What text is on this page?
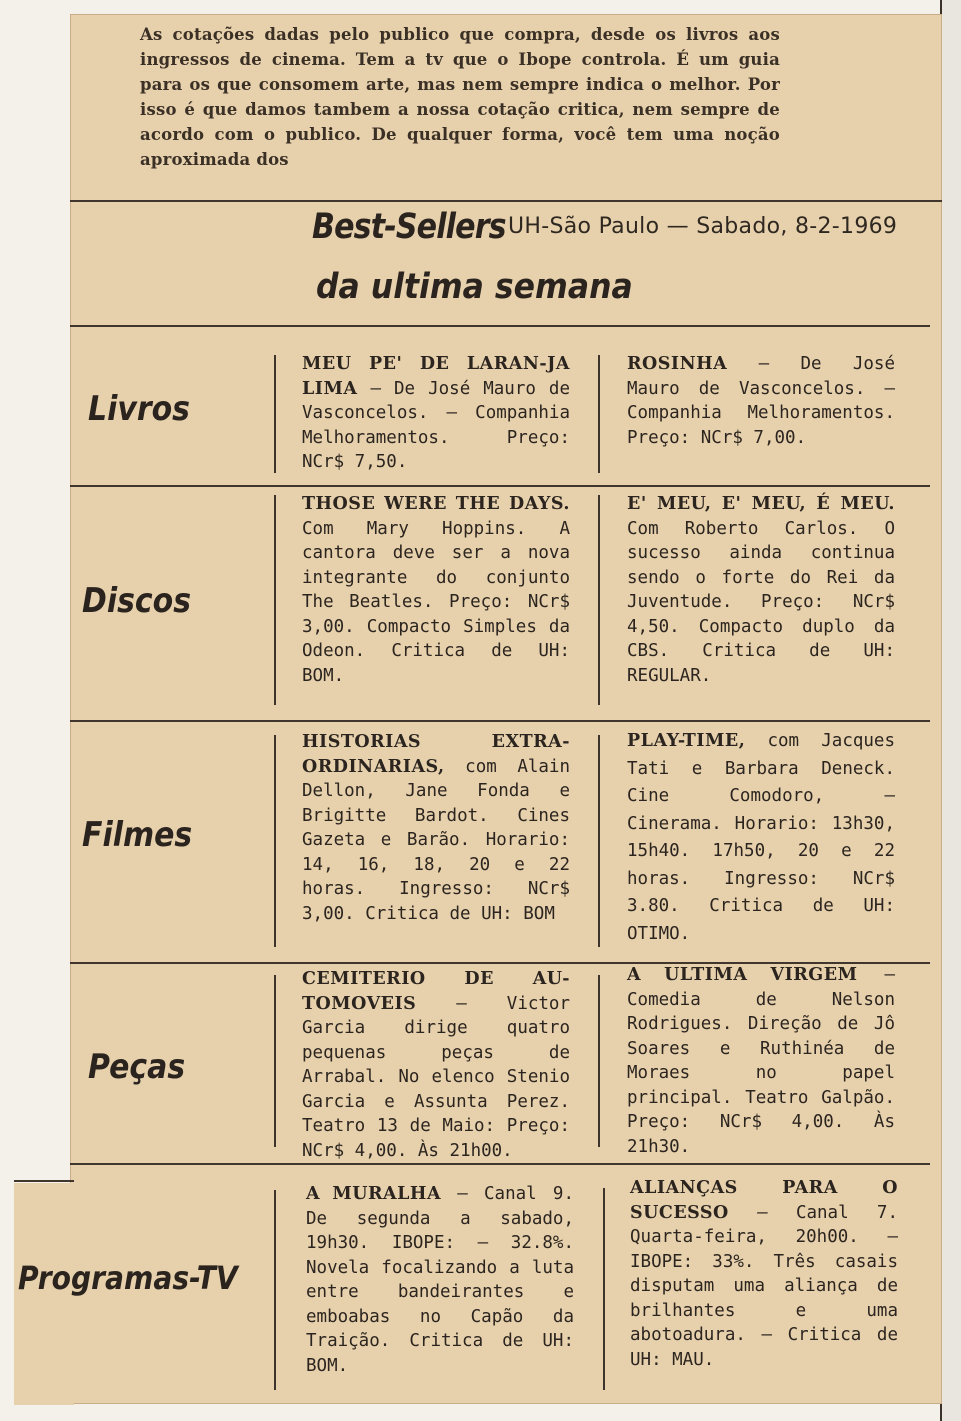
As cotações dadas pelo publico que compra, desde os livros aos ingressos de cinema. Tem a tv que o Ibope controla. É um guia para os que consomem arte, mas nem sempre indica o melhor. Por isso é que damos tambem a nossa cotação critica, nem sempre de acordo com o publico. De qualquer forma, você tem uma noção aproximada dos
Best-Sellers UH-São Paulo — Sabado, 8-2-1969
da ultima semana
Livros
MEU PE' DE LARAN-JA LIMA — De José Mauro de Vasconcelos. — Companhia Melhoramentos. Preço: NCr$ 7,50.
ROSINHA — De José Mauro de Vasconcelos. — Companhia Melhoramentos. Preço: NCr$ 7,00.
Discos
THOSE WERE THE DAYS. Com Mary Hoppins. A cantora deve ser a nova integrante do conjunto The Beatles. Preço: NCr$ 3,00. Compacto Simples da Odeon. Critica de UH: BOM.
E' MEU, E' MEU, É MEU. Com Roberto Carlos. O sucesso ainda continua sendo o forte do Rei da Juventude. Preço: NCr$ 4,50. Compacto duplo da CBS. Critica de UH: REGULAR.
Filmes
HISTORIAS EXTRA-ORDINARIAS, com Alain Dellon, Jane Fonda e Brigitte Bardot. Cines Gazeta e Barão. Horario: 14, 16, 18, 20 e 22 horas. Ingresso: NCr$ 3,00. Critica de UH: BOM
PLAY-TIME, com Jacques Tati e Barbara Deneck. Cine Comodoro, — Cinerama. Horario: 13h30, 15h40. 17h50, 20 e 22 horas. Ingresso: NCr$ 3.80. Critica de UH: OTIMO.
Peças
CEMITERIO DE AU-TOMOVEIS — Victor Garcia dirige quatro pequenas peças de Arrabal. No elenco Stenio Garcia e Assunta Perez. Teatro 13 de Maio: Preço: NCr$ 4,00. Às 21h00.
A ULTIMA VIRGEM — Comedia de Nelson Rodrigues. Direção de Jô Soares e Ruthinéa de Moraes no papel principal. Teatro Galpão. Preço: NCr$ 4,00. Às 21h30.
Programas-TV
A MURALHA — Canal 9. De segunda a sabado, 19h30. IBOPE: — 32.8%. Novela focalizando a luta entre bandeirantes e emboabas no Capão da Traição. Critica de UH: BOM.
ALIANÇAS PARA O SUCESSO — Canal 7. Quarta-feira, 20h00. — IBOPE: 33%. Três casais disputam uma aliança de brilhantes e uma abotoadura. — Critica de UH: MAU.
